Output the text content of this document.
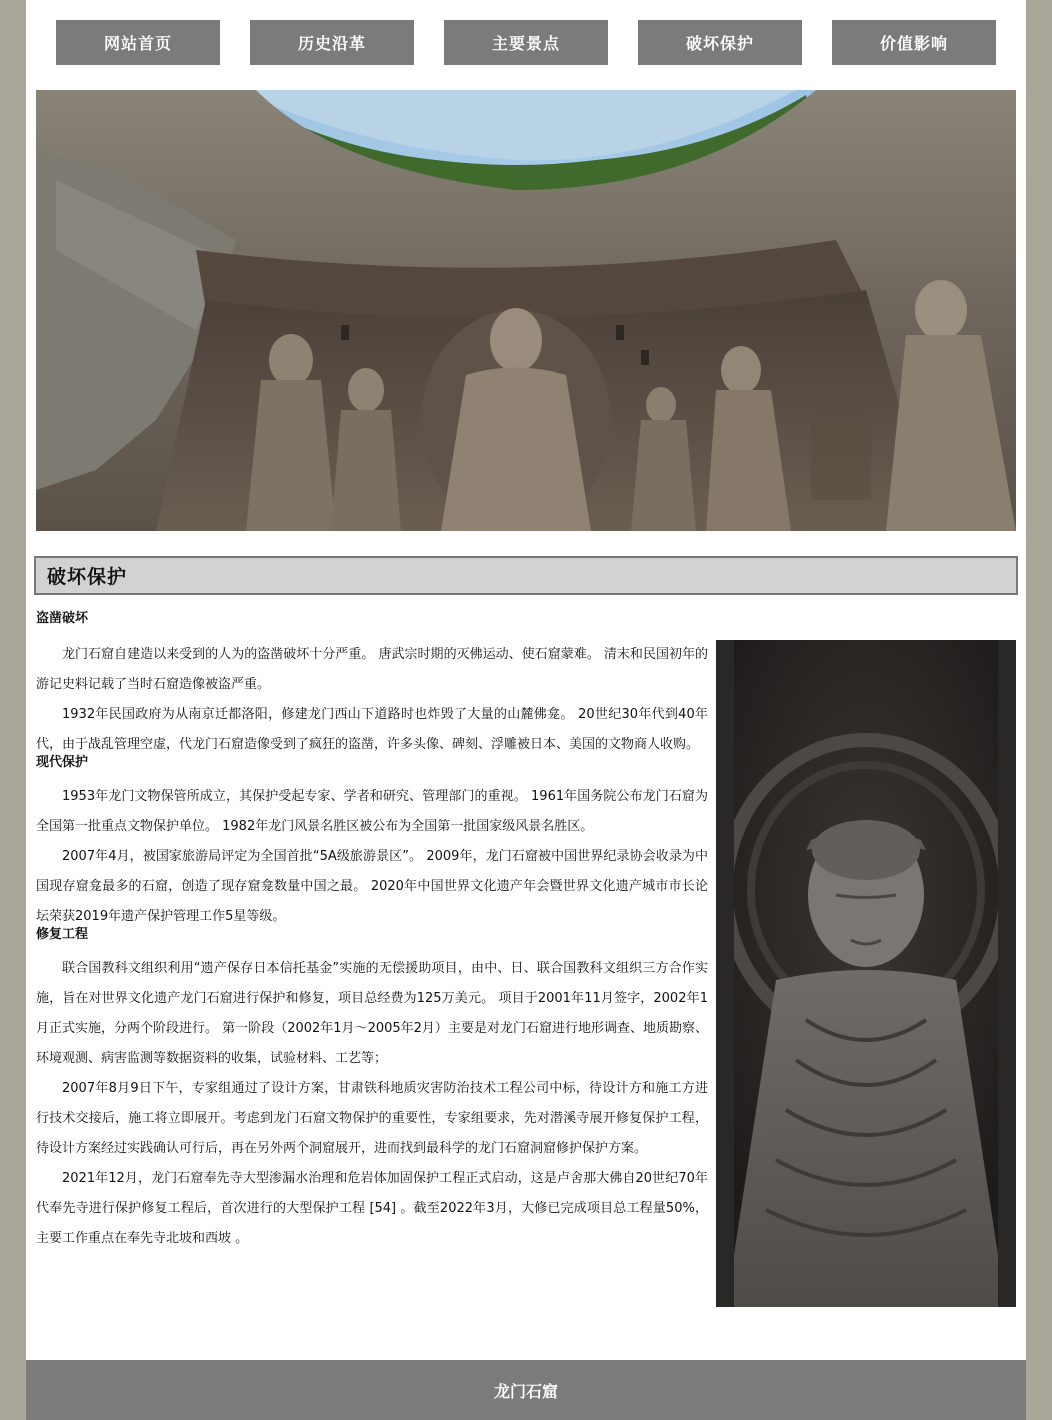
网站首页	历史沿革	主要景点	破坏保护	价值影响
破坏保护
盗凿破坏

龙门石窟自建造以来受到的人为的盗凿破坏十分严重。 唐武宗时期的灭佛运动、使石窟蒙难。 清末和民国初年的游记史料记载了当时石窟造像被盗严重。

1932年民国政府为从南京迁都洛阳，修建龙门西山下道路时也炸毁了大量的山麓佛龛。 20世纪30年代到40年代，由于战乱管理空虚，代龙门石窟造像受到了疯狂的盗凿，许多头像、碑刻、浮雕被日本、美国的文物商人收购。

现代保护

1953年龙门文物保管所成立，其保护受起专家、学者和研究、管理部门的重视。 1961年国务院公布龙门石窟为全国第一批重点文物保护单位。 1982年龙门风景名胜区被公布为全国第一批国家级风景名胜区。

2007年4月，被国家旅游局评定为全国首批“5A级旅游景区”。 2009年，龙门石窟被中国世界纪录协会收录为中国现存窟龛最多的石窟，创造了现存窟龛数量中国之最。 2020年中国世界文化遗产年会暨世界文化遗产城市市长论坛荣获2019年遗产保护管理工作5星等级。

修复工程

联合国教科文组织利用“遗产保存日本信托基金”实施的无偿援助项目，由中、日、联合国教科文组织三方合作实施，旨在对世界文化遗产龙门石窟进行保护和修复，项目总经费为125万美元。 项目于2001年11月签字，2002年1月正式实施，分两个阶段进行。 第一阶段（2002年1月～2005年2月）主要是对龙门石窟进行地形调查、地质勘察、环境观测、病害监测等数据资料的收集，试验材料、工艺等；

2007年8月9日下午，专家组通过了设计方案，甘肃铁科地质灾害防治技术工程公司中标，待设计方和施工方进行技术交接后，施工将立即展开。考虑到龙门石窟文物保护的重要性，专家组要求，先对潜溪寺展开修复保护工程，待设计方案经过实践确认可行后，再在另外两个洞窟展开，进而找到最科学的龙门石窟洞窟修护保护方案。

2021年12月，龙门石窟奉先寺大型渗漏水治理和危岩体加固保护工程正式启动，这是卢舍那大佛自20世纪70年代奉先寺进行保护修复工程后，首次进行的大型保护工程 [54] 。截至2022年3月，大修已完成项目总工程量50%，主要工作重点在奉先寺北坡和西坡 。

龙门石窟
